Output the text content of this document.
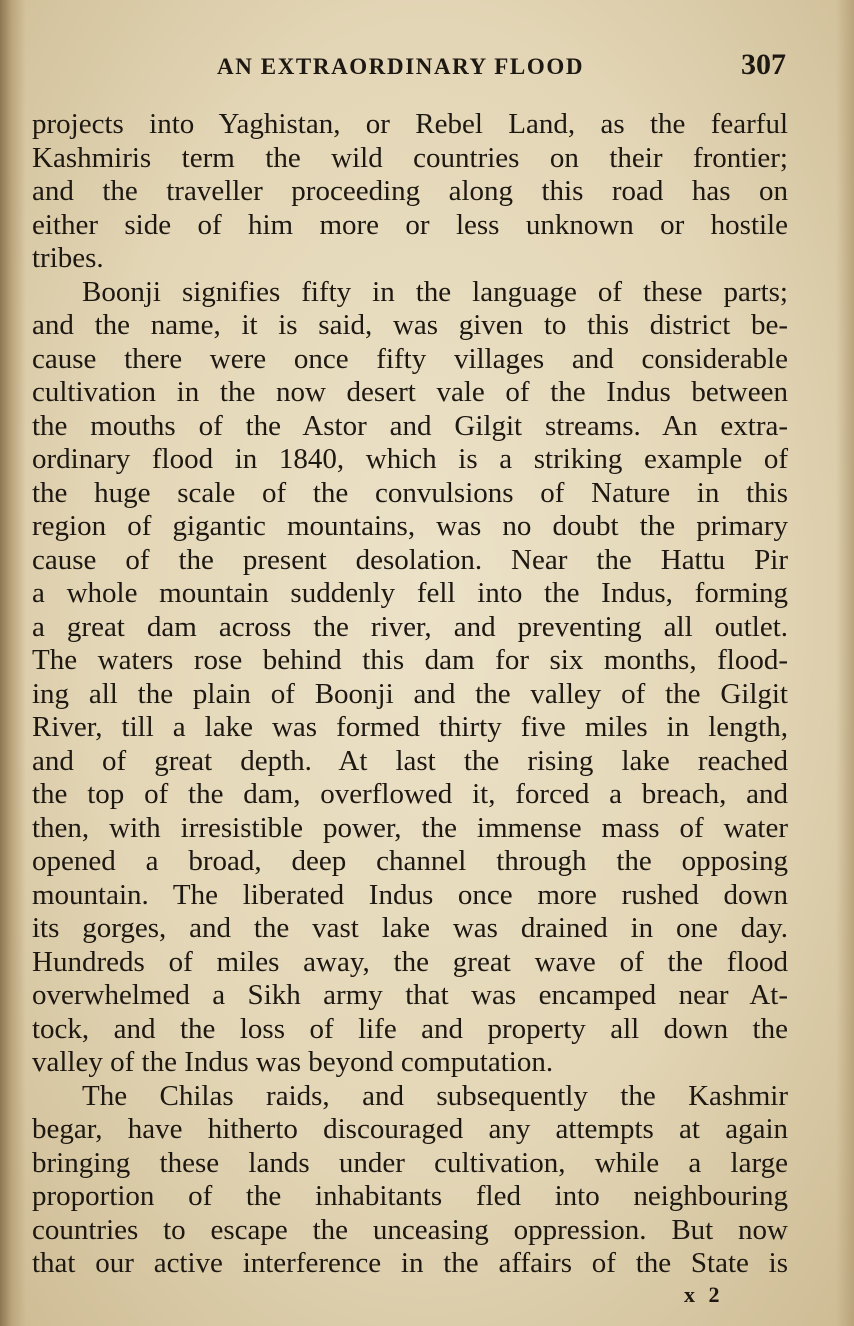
AN EXTRAORDINARY FLOOD	307
projects into Yaghistan, or Rebel Land, as the fearful
Kashmiris term the wild countries on their frontier;
and the traveller proceeding along this road has on
either side of him more or less unknown or hostile
tribes.
Boonji signifies fifty in the language of these parts;
and the name, it is said, was given to this district be-
cause there were once fifty villages and considerable
cultivation in the now desert vale of the Indus between
the mouths of the Astor and Gilgit streams. An extra-
ordinary flood in 1840, which is a striking example of
the huge scale of the convulsions of Nature in this
region of gigantic mountains, was no doubt the primary
cause of the present desolation. Near the Hattu Pir
a whole mountain suddenly fell into the Indus, forming
a great dam across the river, and preventing all outlet.
The waters rose behind this dam for six months, flood-
ing all the plain of Boonji and the valley of the Gilgit
River, till a lake was formed thirty five miles in length,
and of great depth. At last the rising lake reached
the top of the dam, overflowed it, forced a breach, and
then, with irresistible power, the immense mass of water
opened a broad, deep channel through the opposing
mountain. The liberated Indus once more rushed down
its gorges, and the vast lake was drained in one day.
Hundreds of miles away, the great wave of the flood
overwhelmed a Sikh army that was encamped near At-
tock, and the loss of life and property all down the
valley of the Indus was beyond computation.
The Chilas raids, and subsequently the Kashmir
begar, have hitherto discouraged any attempts at again
bringing these lands under cultivation, while a large
proportion of the inhabitants fled into neighbouring
countries to escape the unceasing oppression. But now
that our active interference in the affairs of the State is
x 2
